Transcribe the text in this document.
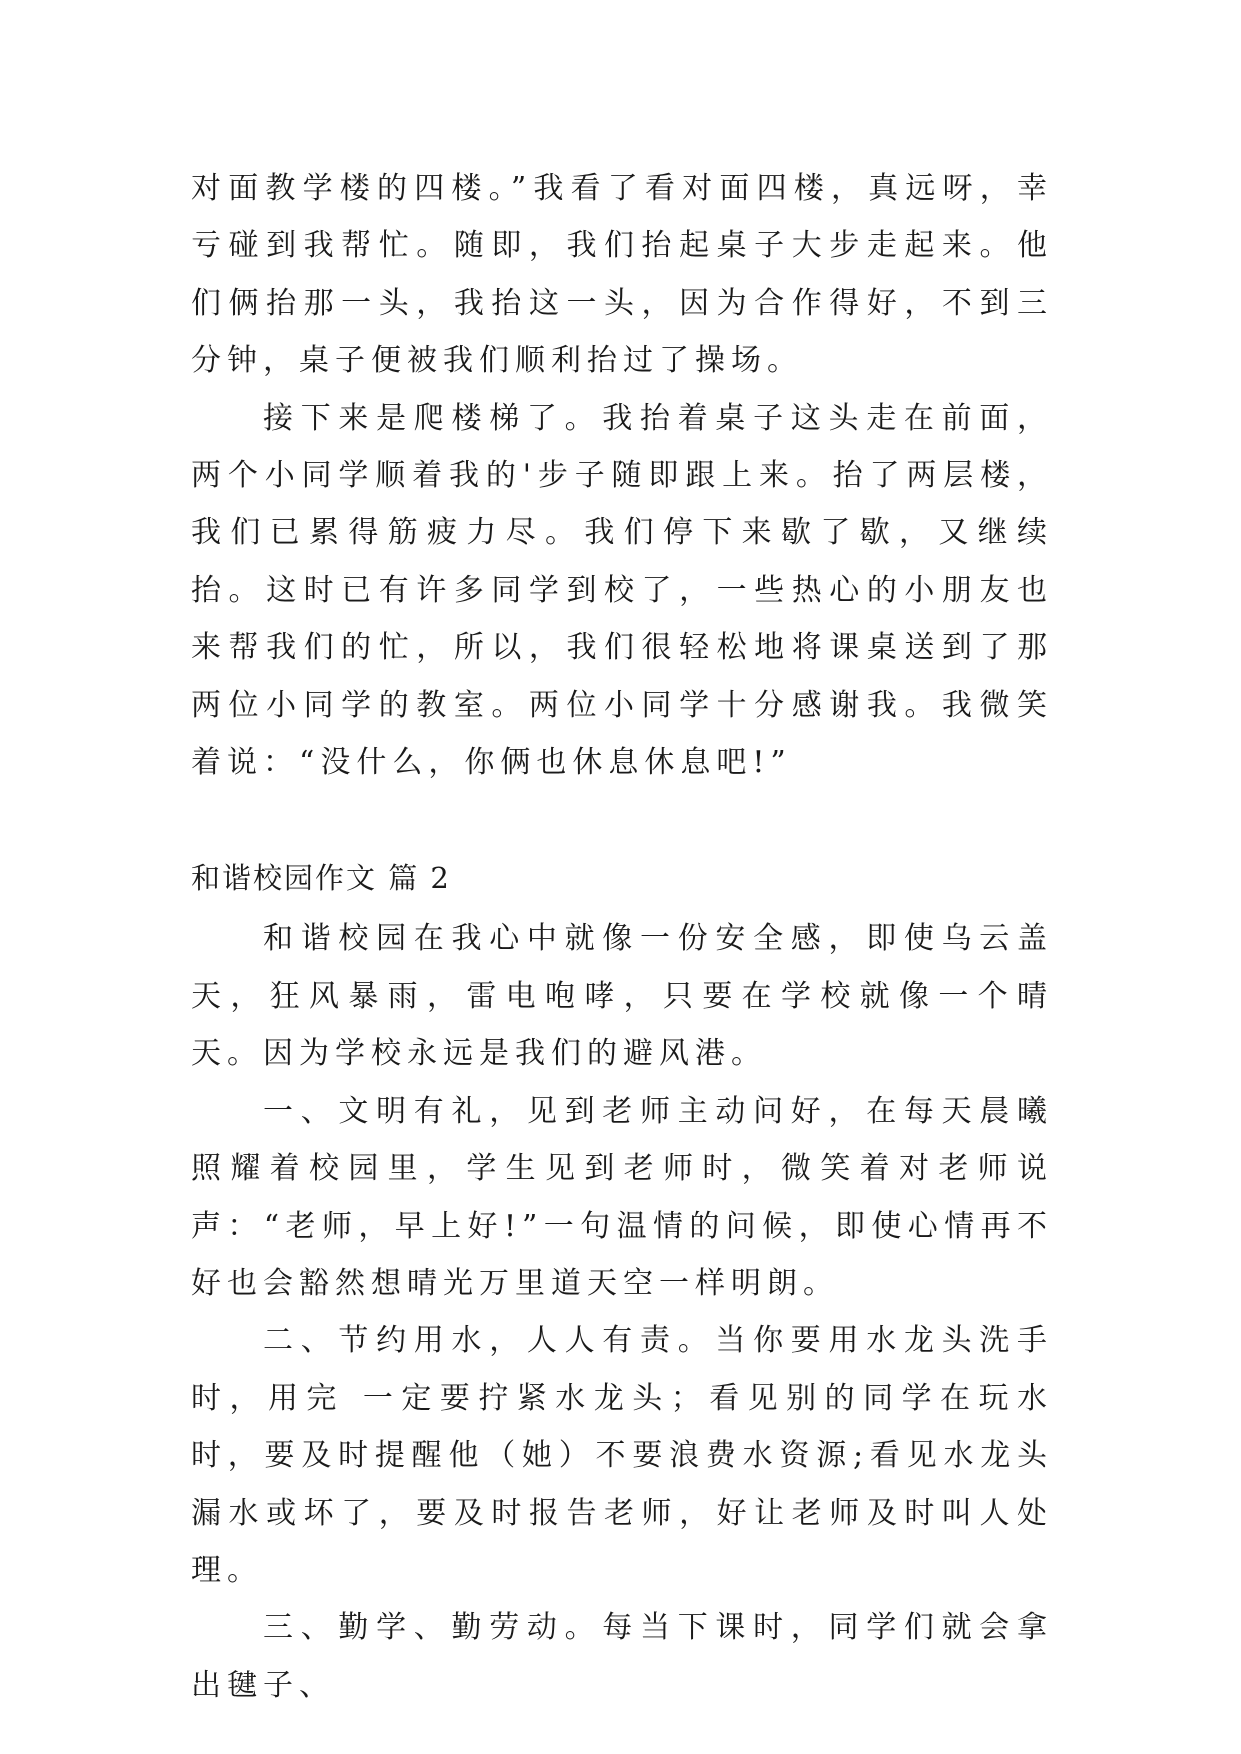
对面教学楼的四楼。”我看了看对面四楼，真远呀，幸亏碰到我帮忙。随即，我们抬起桌子大步走起来。他们俩抬那一头，我抬这一头，因为合作得好，不到三分钟，桌子便被我们顺利抬过了操场。

接下来是爬楼梯了。我抬着桌子这头走在前面，两个小同学顺着我的'步子随即跟上来。抬了两层楼，我们已累得筋疲力尽。我们停下来歇了歇，又继续抬。这时已有许多同学到校了，一些热心的小朋友也来帮我们的忙，所以，我们很轻松地将课桌送到了那两位小同学的教室。两位小同学十分感谢我。我微笑着说：“没什么，你俩也休息休息吧!”

和谐校园作文 篇 2

和谐校园在我心中就像一份安全感，即使乌云盖天，狂风暴雨，雷电咆哮，只要在学校就像一个晴天。因为学校永远是我们的避风港。

一、文明有礼，见到老师主动问好，在每天晨曦照耀着校园里，学生见到老师时，微笑着对老师说声：“老师，早上好!”一句温情的问候，即使心情再不好也会豁然想晴光万里道天空一样明朗。

二、节约用水，人人有责。当你要用水龙头洗手时，用完 一定要拧紧水龙头；看见别的同学在玩水时，要及时提醒他（她）不要浪费水资源;看见水龙头漏水或坏了，要及时报告老师，好让老师及时叫人处理。

三、勤学、勤劳动。每当下课时，同学们就会拿出毽子、
